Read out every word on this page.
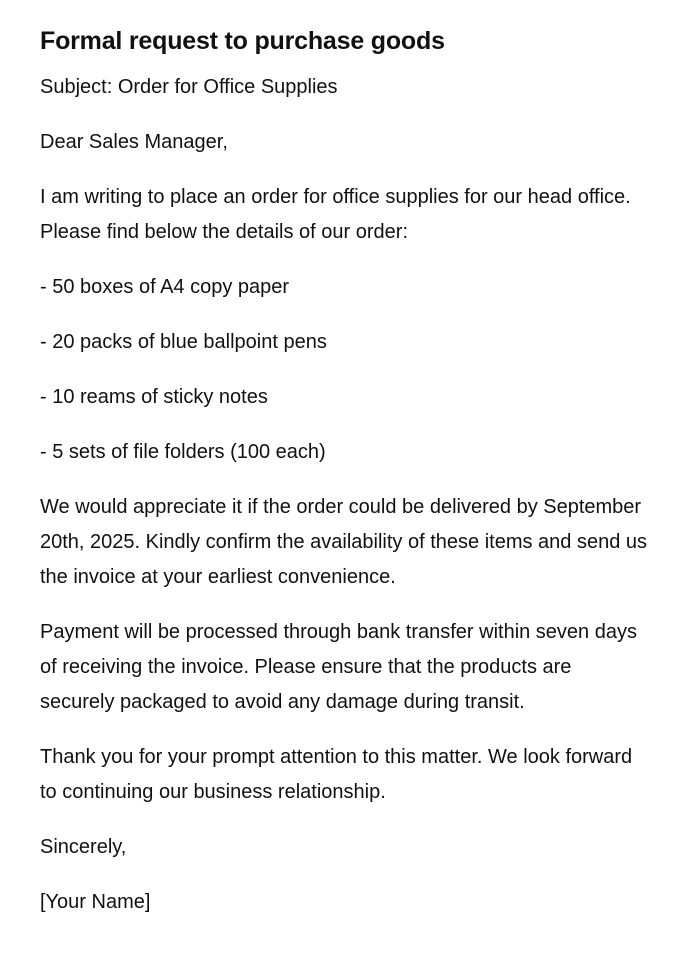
Formal request to purchase goods

Subject: Order for Office Supplies

Dear Sales Manager,

I am writing to place an order for office supplies for our head office. Please find below the details of our order:

- 50 boxes of A4 copy paper

- 20 packs of blue ballpoint pens

- 10 reams of sticky notes

- 5 sets of file folders (100 each)

We would appreciate it if the order could be delivered by September 20th, 2025. Kindly confirm the availability of these items and send us the invoice at your earliest convenience.

Payment will be processed through bank transfer within seven days of receiving the invoice. Please ensure that the products are securely packaged to avoid any damage during transit.

Thank you for your prompt attention to this matter. We look forward to continuing our business relationship.

Sincerely,

[Your Name]
